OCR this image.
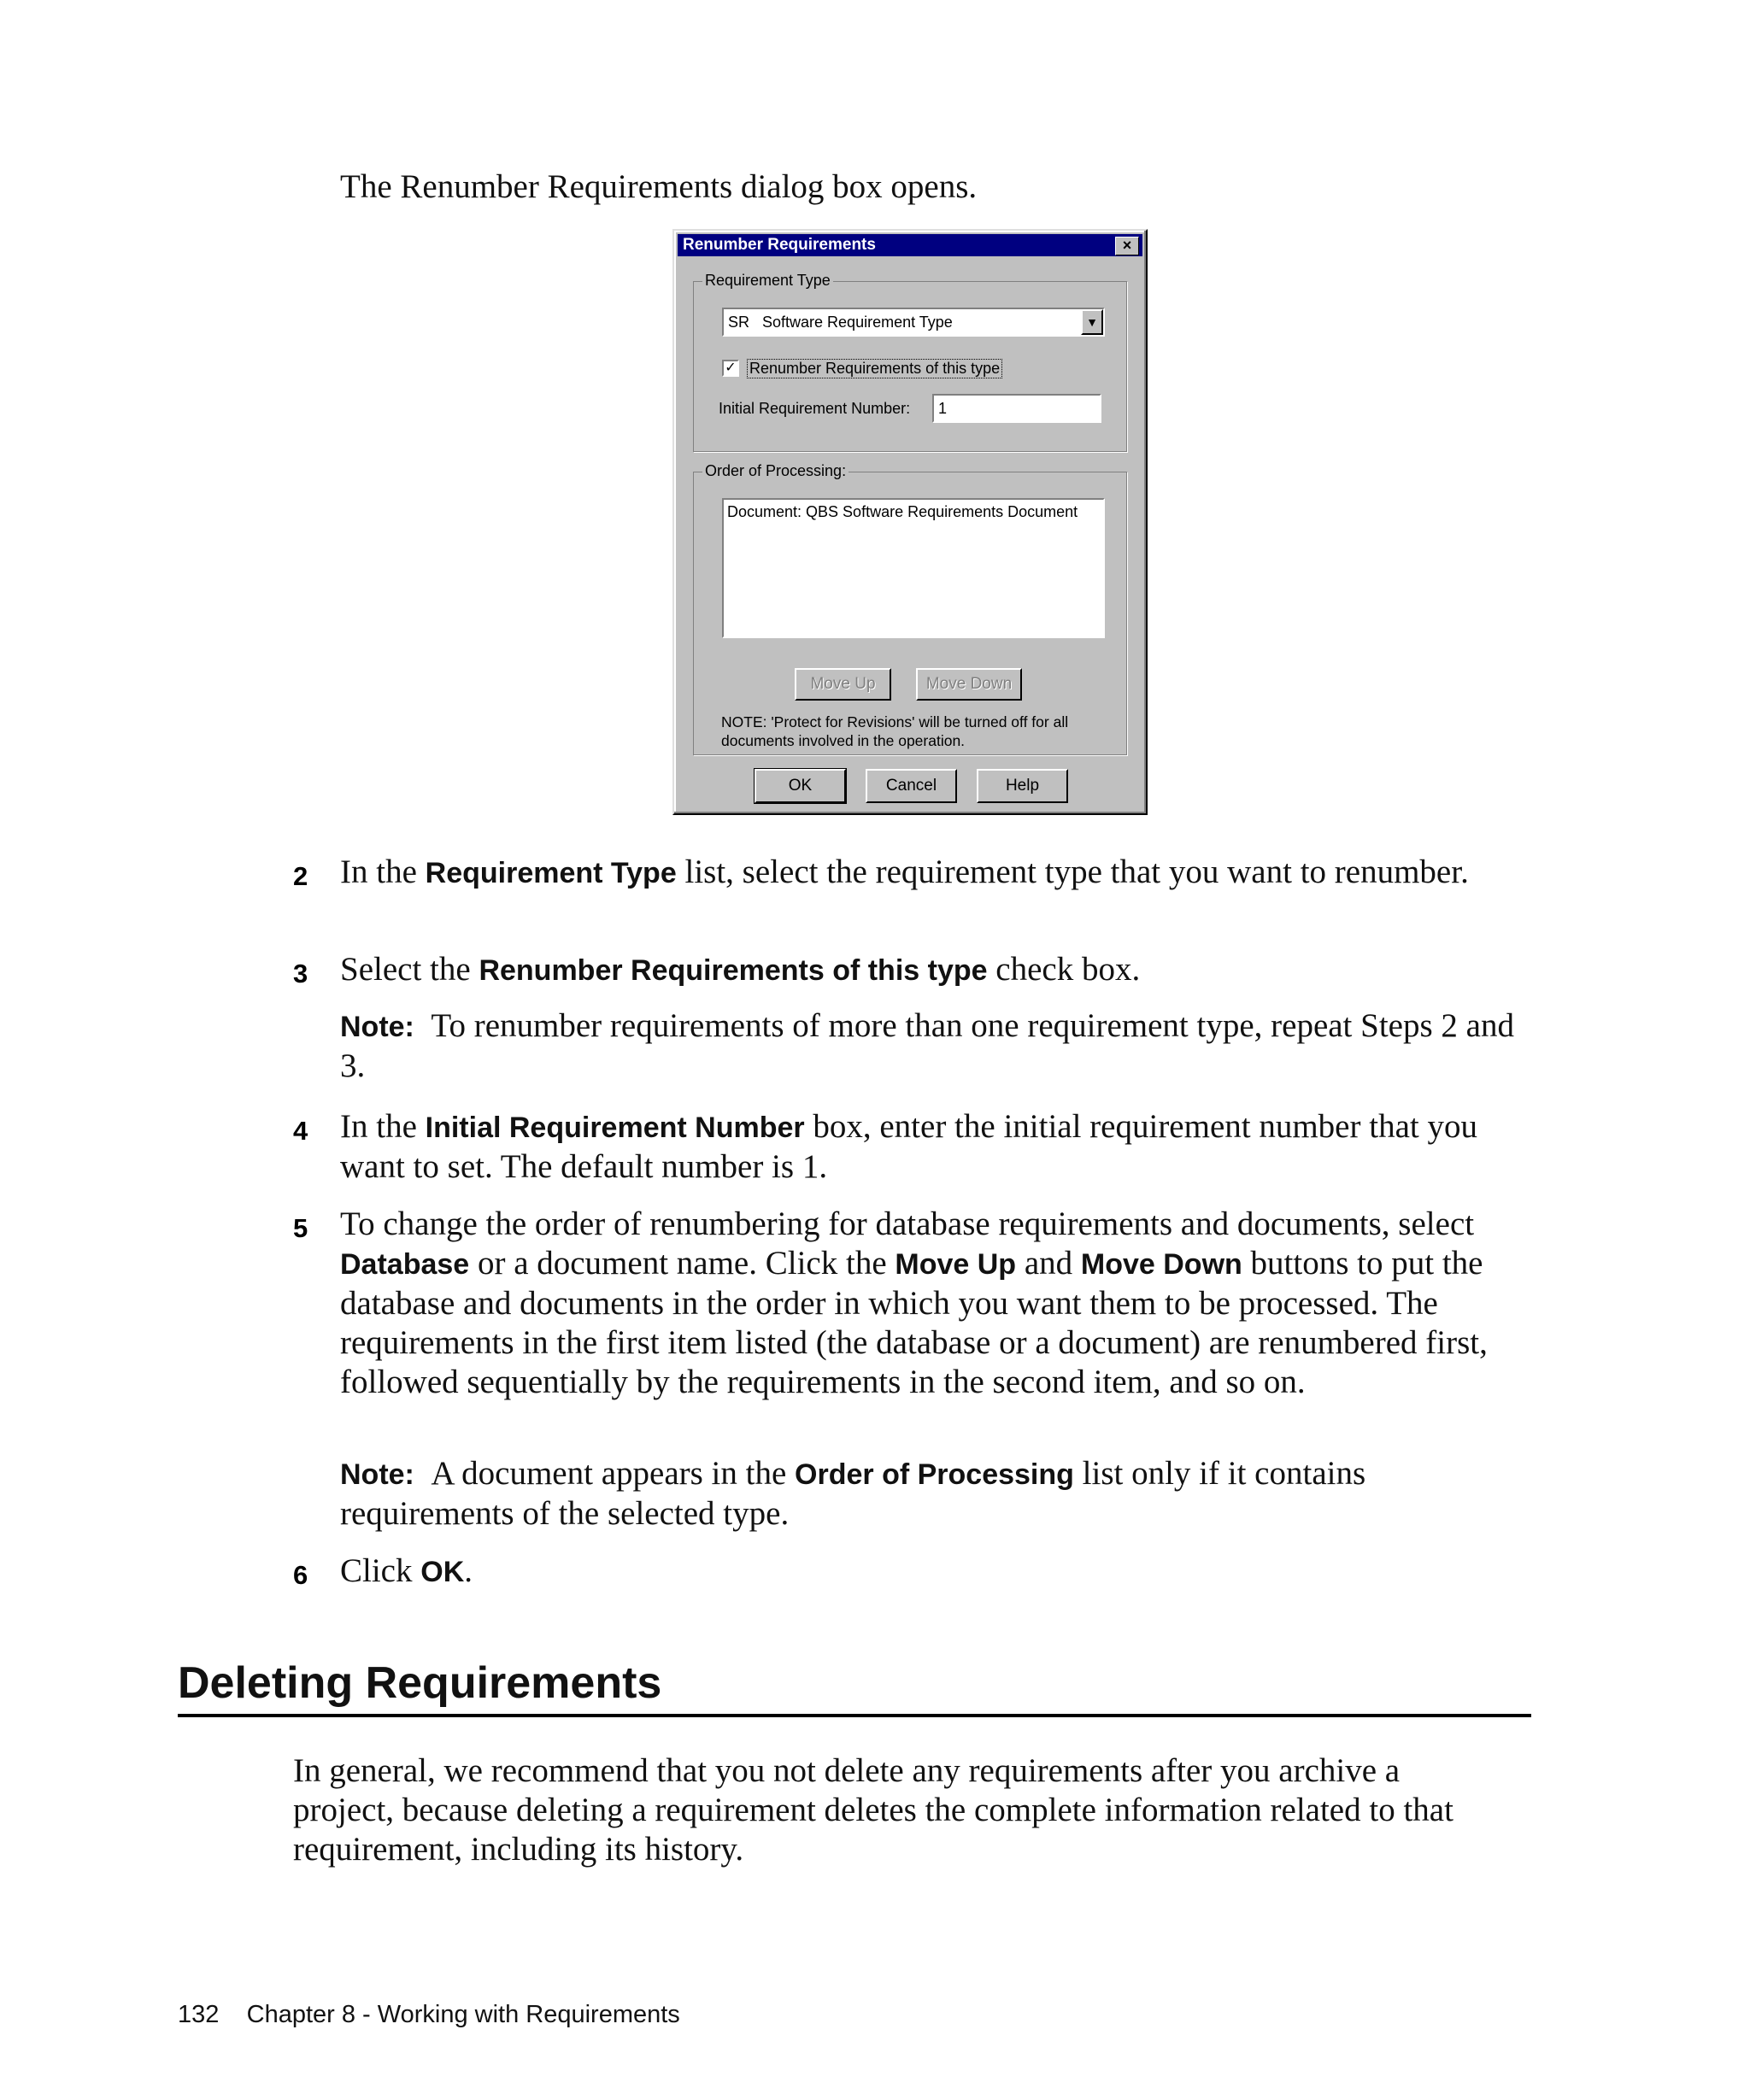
The Renumber Requirements dialog box opens.
Renumber Requirements	×
Requirement Type
Order of Processing:
SR   Software Requirement Type	▼
✓ Renumber Requirements of this type
Initial Requirement Number: 1
Document: QBS Software Requirements Document
Move Up	Move Down
NOTE: 'Protect for Revisions' will be turned off for all documents involved in the operation.
OK	Cancel	Help
2 In the Requirement Type list, select the requirement type that you want to renumber.
3 Select the Renumber Requirements of this type check box.
Note: To renumber requirements of more than one requirement type, repeat Steps 2 and 3.
4 In the Initial Requirement Number box, enter the initial requirement number that you want to set. The default number is 1.
5 To change the order of renumbering for database requirements and documents, select Database or a document name. Click the Move Up and Move Down buttons to put the database and documents in the order in which you want them to be processed. The requirements in the first item listed (the database or a document) are renumbered first, followed sequentially by the requirements in the second item, and so on.
Note: A document appears in the Order of Processing list only if it contains requirements of the selected type.
6 Click OK.
Deleting Requirements
In general, we recommend that you not delete any requirements after you archive a project, because deleting a requirement deletes the complete information related to that requirement, including its history.
132 Chapter 8 - Working with Requirements
